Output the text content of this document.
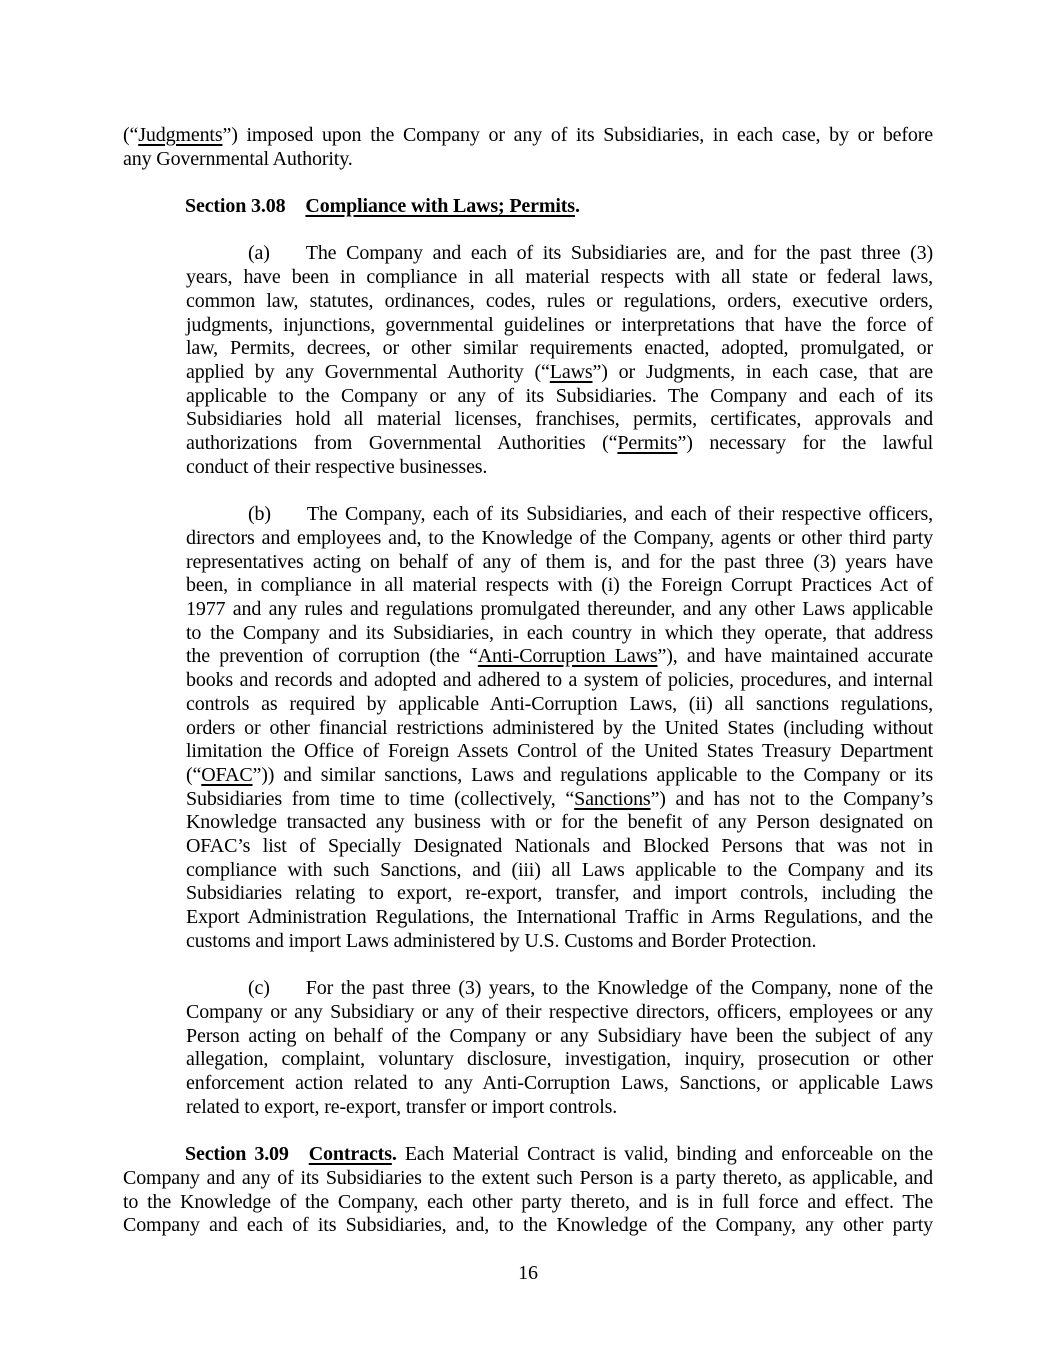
(“Judgments”) imposed upon the Company or any of its Subsidiaries, in each case, by or before
any Governmental Authority.
Section 3.08 Compliance with Laws; Permits.
(a) The Company and each of its Subsidiaries are, and for the past three (3)
years, have been in compliance in all material respects with all state or federal laws,
common law, statutes, ordinances, codes, rules or regulations, orders, executive orders,
judgments, injunctions, governmental guidelines or interpretations that have the force of
law, Permits, decrees, or other similar requirements enacted, adopted, promulgated, or
applied by any Governmental Authority (“Laws”) or Judgments, in each case, that are
applicable to the Company or any of its Subsidiaries. The Company and each of its
Subsidiaries hold all material licenses, franchises, permits, certificates, approvals and
authorizations from Governmental Authorities (“Permits”) necessary for the lawful
conduct of their respective businesses.
(b) The Company, each of its Subsidiaries, and each of their respective officers,
directors and employees and, to the Knowledge of the Company, agents or other third party
representatives acting on behalf of any of them is, and for the past three (3) years have
been, in compliance in all material respects with (i) the Foreign Corrupt Practices Act of
1977 and any rules and regulations promulgated thereunder, and any other Laws applicable
to the Company and its Subsidiaries, in each country in which they operate, that address
the prevention of corruption (the “Anti-Corruption Laws”), and have maintained accurate
books and records and adopted and adhered to a system of policies, procedures, and internal
controls as required by applicable Anti-Corruption Laws, (ii) all sanctions regulations,
orders or other financial restrictions administered by the United States (including without
limitation the Office of Foreign Assets Control of the United States Treasury Department
(“OFAC”)) and similar sanctions, Laws and regulations applicable to the Company or its
Subsidiaries from time to time (collectively, “Sanctions”) and has not to the Company’s
Knowledge transacted any business with or for the benefit of any Person designated on
OFAC’s list of Specially Designated Nationals and Blocked Persons that was not in
compliance with such Sanctions, and (iii) all Laws applicable to the Company and its
Subsidiaries relating to export, re-export, transfer, and import controls, including the
Export Administration Regulations, the International Traffic in Arms Regulations, and the
customs and import Laws administered by U.S. Customs and Border Protection.
(c) For the past three (3) years, to the Knowledge of the Company, none of the
Company or any Subsidiary or any of their respective directors, officers, employees or any
Person acting on behalf of the Company or any Subsidiary have been the subject of any
allegation, complaint, voluntary disclosure, investigation, inquiry, prosecution or other
enforcement action related to any Anti-Corruption Laws, Sanctions, or applicable Laws
related to export, re-export, transfer or import controls.
Section 3.09 Contracts. Each Material Contract is valid, binding and enforceable on the
Company and any of its Subsidiaries to the extent such Person is a party thereto, as applicable, and
to the Knowledge of the Company, each other party thereto, and is in full force and effect. The
Company and each of its Subsidiaries, and, to the Knowledge of the Company, any other party
16
